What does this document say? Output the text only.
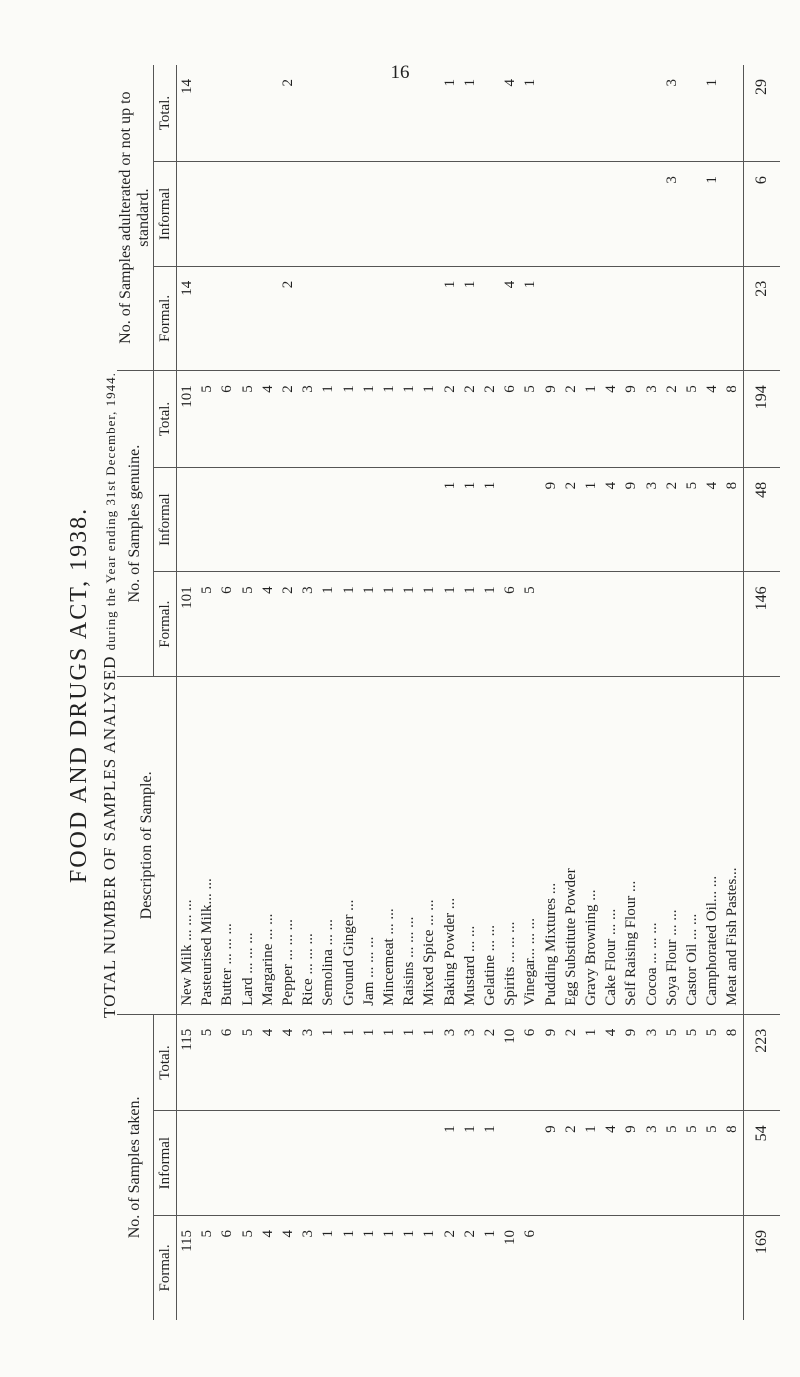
16
FOOD AND DRUGS ACT, 1938. TOTAL NUMBER OF SAMPLES ANALYSED during the Year ending 31st December, 1944.
No. of Samples taken.			Description of Sample.	No. of Samples genuine.			No. of Samples adulterated or not up to standard.		
Formal.	Informal	Total.		Formal.	Informal	Total.	Formal.	Informal	Total.
115		115	New Milk ... ... ...	101		101	14		14
5		5	Pasteurised Milk... ...	5		5			
6		6	Butter ... ... ...	6		6			
5		5	Lard ... ... ...	5		5			
4		4	Margarine ... ...	4		4			
4		4	Pepper ... ... ...	2		2	2		2
3		3	Rice ... ... ...	3		3			
1		1	Semolina ... ...	1		1			
1		1	Ground Ginger ...	1		1			
1		1	Jam ... ... ...	1		1			
1		1	Mincemeat ... ...	1		1			
1		1	Raisins ... ... ...	1		1			
1		1	Mixed Spice ... ...	1		1			
2	1	3	Baking Powder ...	1	1	2	1		1
2	1	3	Mustard ... ...	1	1	2	1		1
1	1	2	Gelatine ... ...	1	1	2			
10		10	Spirits ... ... ...	6		6	4		4
6		6	Vinegar... ... ...	5		5	1		1
	9	9	Pudding Mixtures ...		9	9			
	2	2	Egg Substitute Powder		2	2			
	1	1	Gravy Browning ...		1	1			
	4	4	Cake Flour ... ...		4	4			
	9	9	Self Raising Flour ...		9	9			
	3	3	Cocoa ... ... ...		3	3			
	5	5	Soya Flour ... ...		2	2		3	3
	5	5	Castor Oil ... ...		5	5			
	5	5	Camphorated Oil... ...		4	4		1	1
	8	8	Meat and Fish Pastes...		8	8			
169	54	223		146	48	194	23	6	29
